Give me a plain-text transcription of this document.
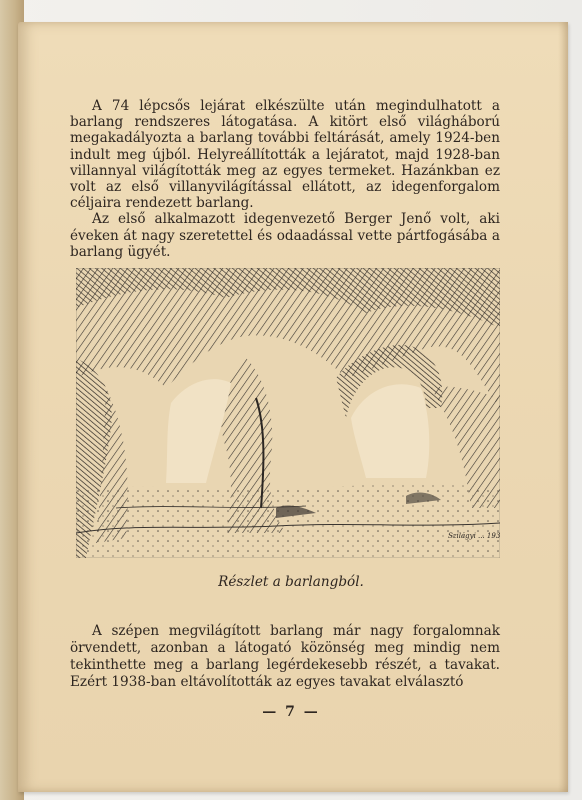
A 74 lépcsős lejárat elkészülte után megindulhatott a barlang rendszeres látogatása. A kitört első világháború megakadályozta a barlang további feltárását, amely 1924-ben indult meg újból. Helyreállították a lejáratot, majd 1928-ban villannyal világították meg az egyes termeket. Hazánkban ez volt az első villanyvilágítással ellátott, az idegenforgalom céljaira rendezett barlang.

Az első alkalmazott idegenvezető Berger Jenő volt, aki éveken át nagy szeretettel és odaadással vette pártfogásába a barlang ügyét.

Szilágyi ... 1938
Részlet a barlangból.

A szépen megvilágított barlang már nagy forgalomnak örvendett, azonban a látogató közönség meg mindig nem tekinthette meg a barlang legérdekesebb részét, a tavakat. Ezért 1938-ban eltávolították az egyes tavakat elválasztó

— 7 —
